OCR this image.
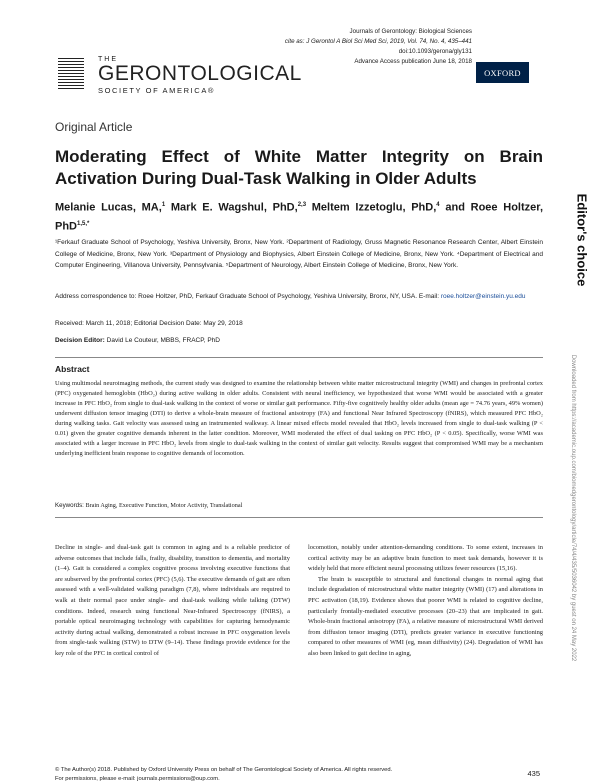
THE
GERONTOLOGICAL
SOCIETY OF AMERICA®
Journals of Gerontology: Biological Sciences
cite as: J Gerontol A Biol Sci Med Sci, 2019, Vol. 74, No. 4, 435–441
doi:10.1093/gerona/gly131
Advance Access publication June 18, 2018
OXFORD
Original Article
Moderating Effect of White Matter Integrity on Brain Activation During Dual-Task Walking in Older Adults
Melanie Lucas, MA,$^1$ Mark E. Wagshul, PhD,$^{2,3}$ Meltem Izzetoglu, PhD,$^4$ and Roee Holtzer, PhD$^{1,5,*}$
¹Ferkauf Graduate School of Psychology, Yeshiva University, Bronx, New York. ²Department of Radiology, Gruss Magnetic Resonance Research Center, Albert Einstein College of Medicine, Bronx, New York. ³Department of Physiology and Biophysics, Albert Einstein College of Medicine, Bronx, New York. ⁴Department of Electrical and Computer Engineering, Villanova University, Pennsylvania. ⁵Department of Neurology, Albert Einstein College of Medicine, Bronx, New York.
Address correspondence to: Roee Holtzer, PhD, Ferkauf Graduate School of Psychology, Yeshiva University, Bronx, NY, USA. E-mail: roee.holtzer@einstein.yu.edu
Received: March 11, 2018; Editorial Decision Date: May 29, 2018
Decision Editor: David Le Couteur, MBBS, FRACP, PhD
Abstract
Using multimodal neuroimaging methods, the current study was designed to examine the relationship between white matter microstructural integrity (WMI) and changes in prefrontal cortex (PFC) oxygenated hemoglobin (HbO₂) during active walking in older adults. Consistent with neural inefficiency, we hypothesized that worse WMI would be associated with a greater increase in PFC HbO₂ from single to dual-task walking in the context of worse or similar gait performance. Fifty-five cognitively healthy older adults (mean age = 74.76 years, 49% women) underwent diffusion tensor imaging (DTI) to derive a whole-brain measure of fractional anisotropy (FA) and functional Near Infrared Spectroscopy (fNIRS), which measured PFC HbO₂ during walking tasks. Gait velocity was assessed using an instrumented walkway. A linear mixed effects model revealed that HbO₂ levels increased from single to dual-task walking (P < 0.01) given the greater cognitive demands inherent in the latter condition. Moreover, WMI moderated the effect of dual tasking on PFC HbO₂ (P < 0.05). Specifically, worse WMI was associated with a larger increase in PFC HbO₂ levels from single to dual-task walking in the context of similar gait velocity. Results suggest that compromised WMI may be a mechanism underlying inefficient brain response to cognitive demands of locomotion.
Keywords: Brain Aging, Executive Function, Motor Activity, Translational

Decline in single- and dual-task gait is common in aging and is a reliable predictor of adverse outcomes that include falls, frailty, disability, transition to dementia, and mortality (1–4). Gait is considered a complex cognitive process involving executive functions that are subserved by the prefrontal cortex (PFC) (5,6). The executive demands of gait are often assessed with a well-validated walking paradigm (7,8), where individuals are required to walk at their normal pace under single- and dual-task walking while talking (DTW) conditions. Indeed, research using functional Near-Infrared Spectroscopy (fNIRS), a portable optical neuroimaging technology with capabilities for capturing hemodynamic activity during actual walking, demonstrated a robust increase in PFC oxygenation levels from single-task walking (STW) to DTW (9–14). These findings provide evidence for the key role of the PFC in cortical control of

locomotion, notably under attention-demanding conditions. To some extent, increases in cortical activity may be an adaptive brain function to meet task demands, however it is widely held that more efficient neural processing utilizes fewer resources (15,16).

The brain is susceptible to structural and functional changes in normal aging that include degradation of microstructural white matter integrity (WMI) (17) and alterations in PFC activation (18,19). Evidence shows that poorer WMI is related to cognitive decline, particularly frontally-mediated executive processes (20–23) that are implicated in gait. Whole-brain fractional anisotropy (FA), a relative measure of microstructural WMI derived from diffusion tensor imaging (DTI), predicts greater variance in executive functioning compared to other measures of WMI (eg, mean diffusivity) (24). Degradation of WMI has also been linked to gait decline in aging,

© The Author(s) 2018. Published by Oxford University Press on behalf of The Gerontological Society of America. All rights reserved.
For permissions, please e-mail: journals.permissions@oup.com.
435
Editor's choice
Downloaded from https://academic.oup.com/biomedgerontology/article/74/4/435/5036042 by guest on 24 May 2022
